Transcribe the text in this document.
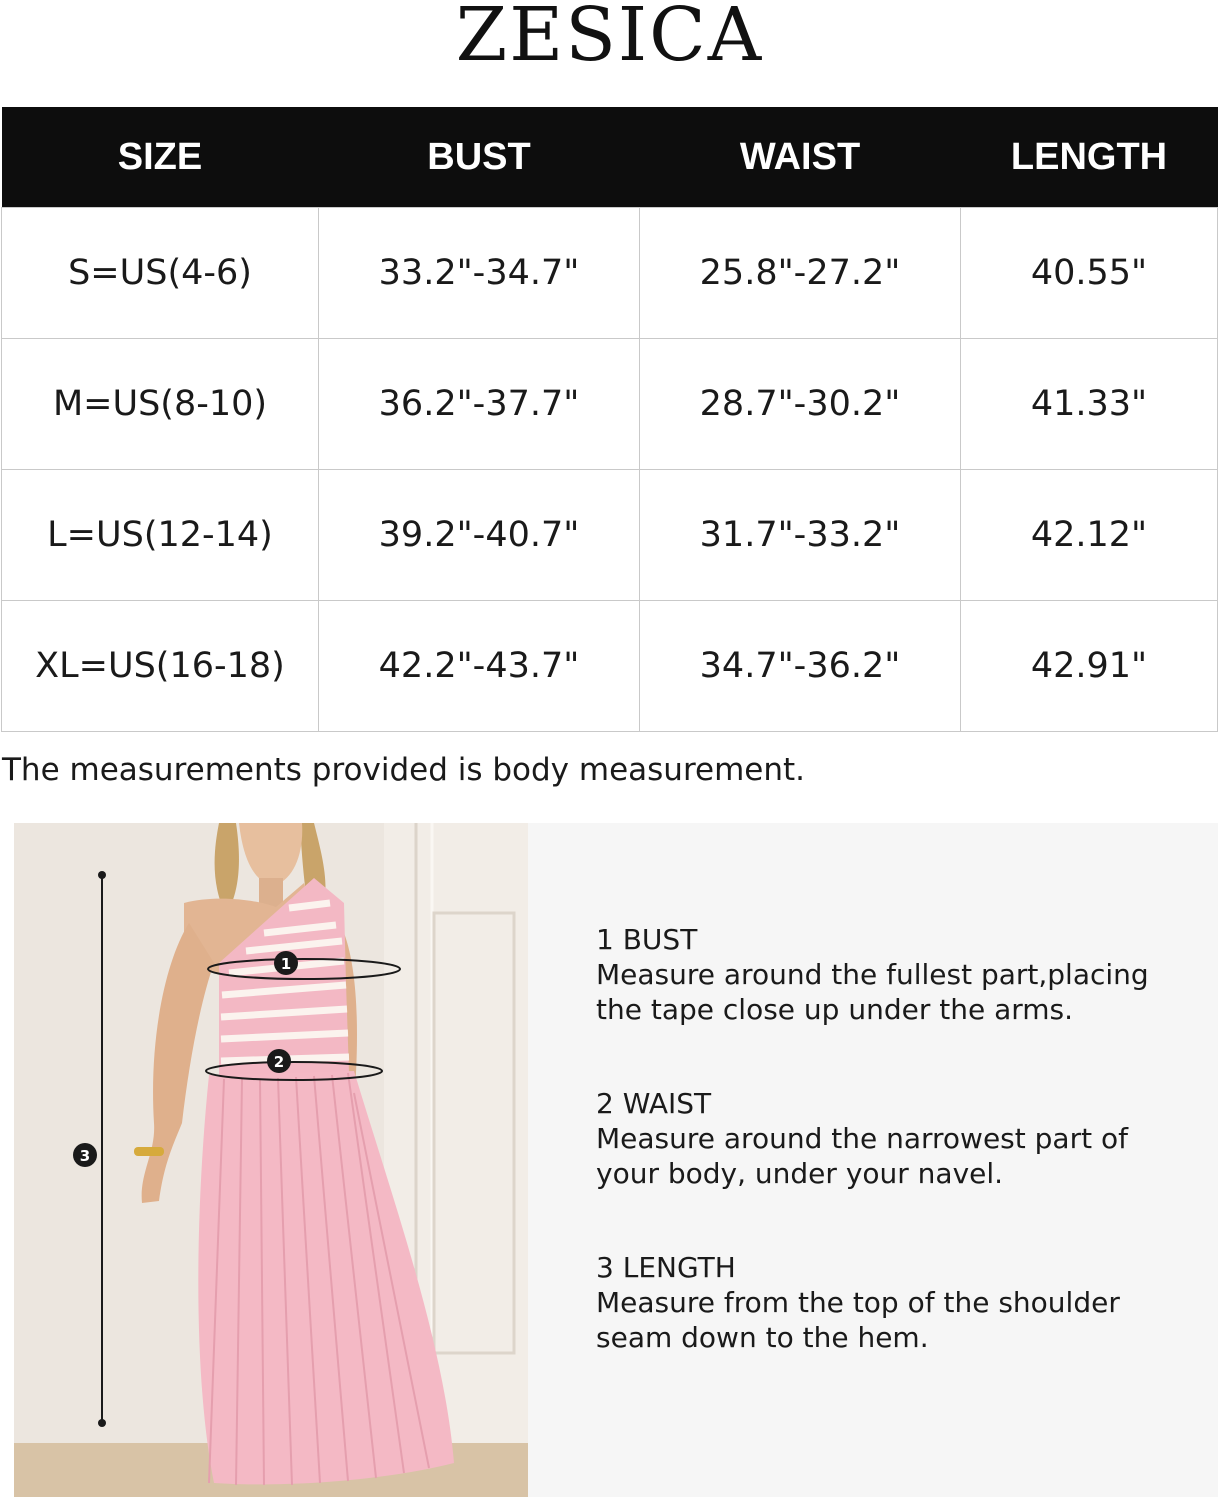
ZESICA
SIZE	BUST	WAIST	LENGTH
S=US(4-6)	33.2"-34.7"	25.8"-27.2"	40.55"
M=US(8-10)	36.2"-37.7"	28.7"-30.2"	41.33"
L=US(12-14)	39.2"-40.7"	31.7"-33.2"	42.12"
XL=US(16-18)	42.2"-43.7"	34.7"-36.2"	42.91"
The measurements provided is body measurement.
1
2
3
1 BUST
Measure around the fullest part,placing
the tape close up under the arms.
2 WAIST
Measure around the narrowest part of
your body, under your navel.
3 LENGTH
Measure from the top of the shoulder
seam down to the hem.
